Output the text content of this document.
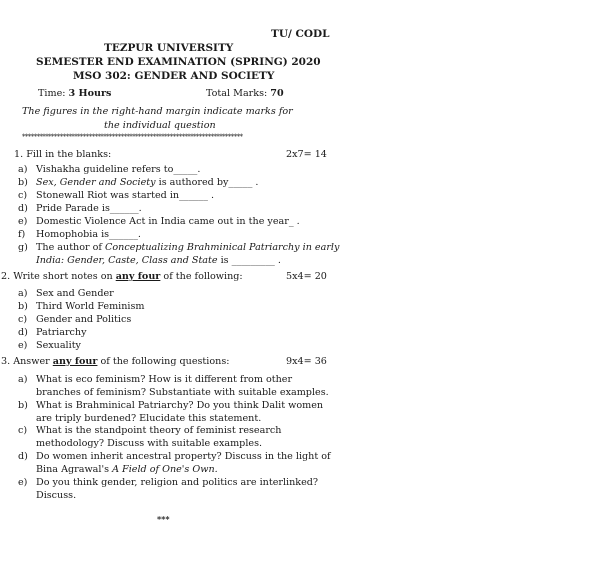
TU/ CODL
TEZPUR UNIVERSITY
SEMESTER END EXAMINATION (SPRING) 2020
MSO 302: GENDER AND SOCIETY
Time: 3 Hours	Total Marks: 70
The figures in the right-hand margin indicate marks for
the individual question
****************************************************************************
1. Fill in the blanks:	2x7= 14
a) Vishakha guideline refers to_____.
b) Sex, Gender and Society is authored by_____ .
c) Stonewall Riot was started in______ .
d) Pride Parade is______.
e) Domestic Violence Act in India came out in the year_ .
f) Homophobia is______.
g) The author of Conceptualizing Brahminical Patriarchy in early
India: Gender, Caste, Class and State is _________ .
2. Write short notes on any four of the following:	5x4= 20
a) Sex and Gender
b) Third World Feminism
c) Gender and Politics
d) Patriarchy
e) Sexuality
3. Answer any four of the following questions:	9x4= 36
a) What is eco feminism? How is it different from other
branches of feminism? Substantiate with suitable examples.
b) What is Brahminical Patriarchy? Do you think Dalit women
are triply burdened? Elucidate this statement.
c) What is the standpoint theory of feminist research
methodology? Discuss with suitable examples.
d) Do women inherit ancestral property? Discuss in the light of
Bina Agrawal's A Field of One's Own.
e) Do you think gender, religion and politics are interlinked?
Discuss.
***
